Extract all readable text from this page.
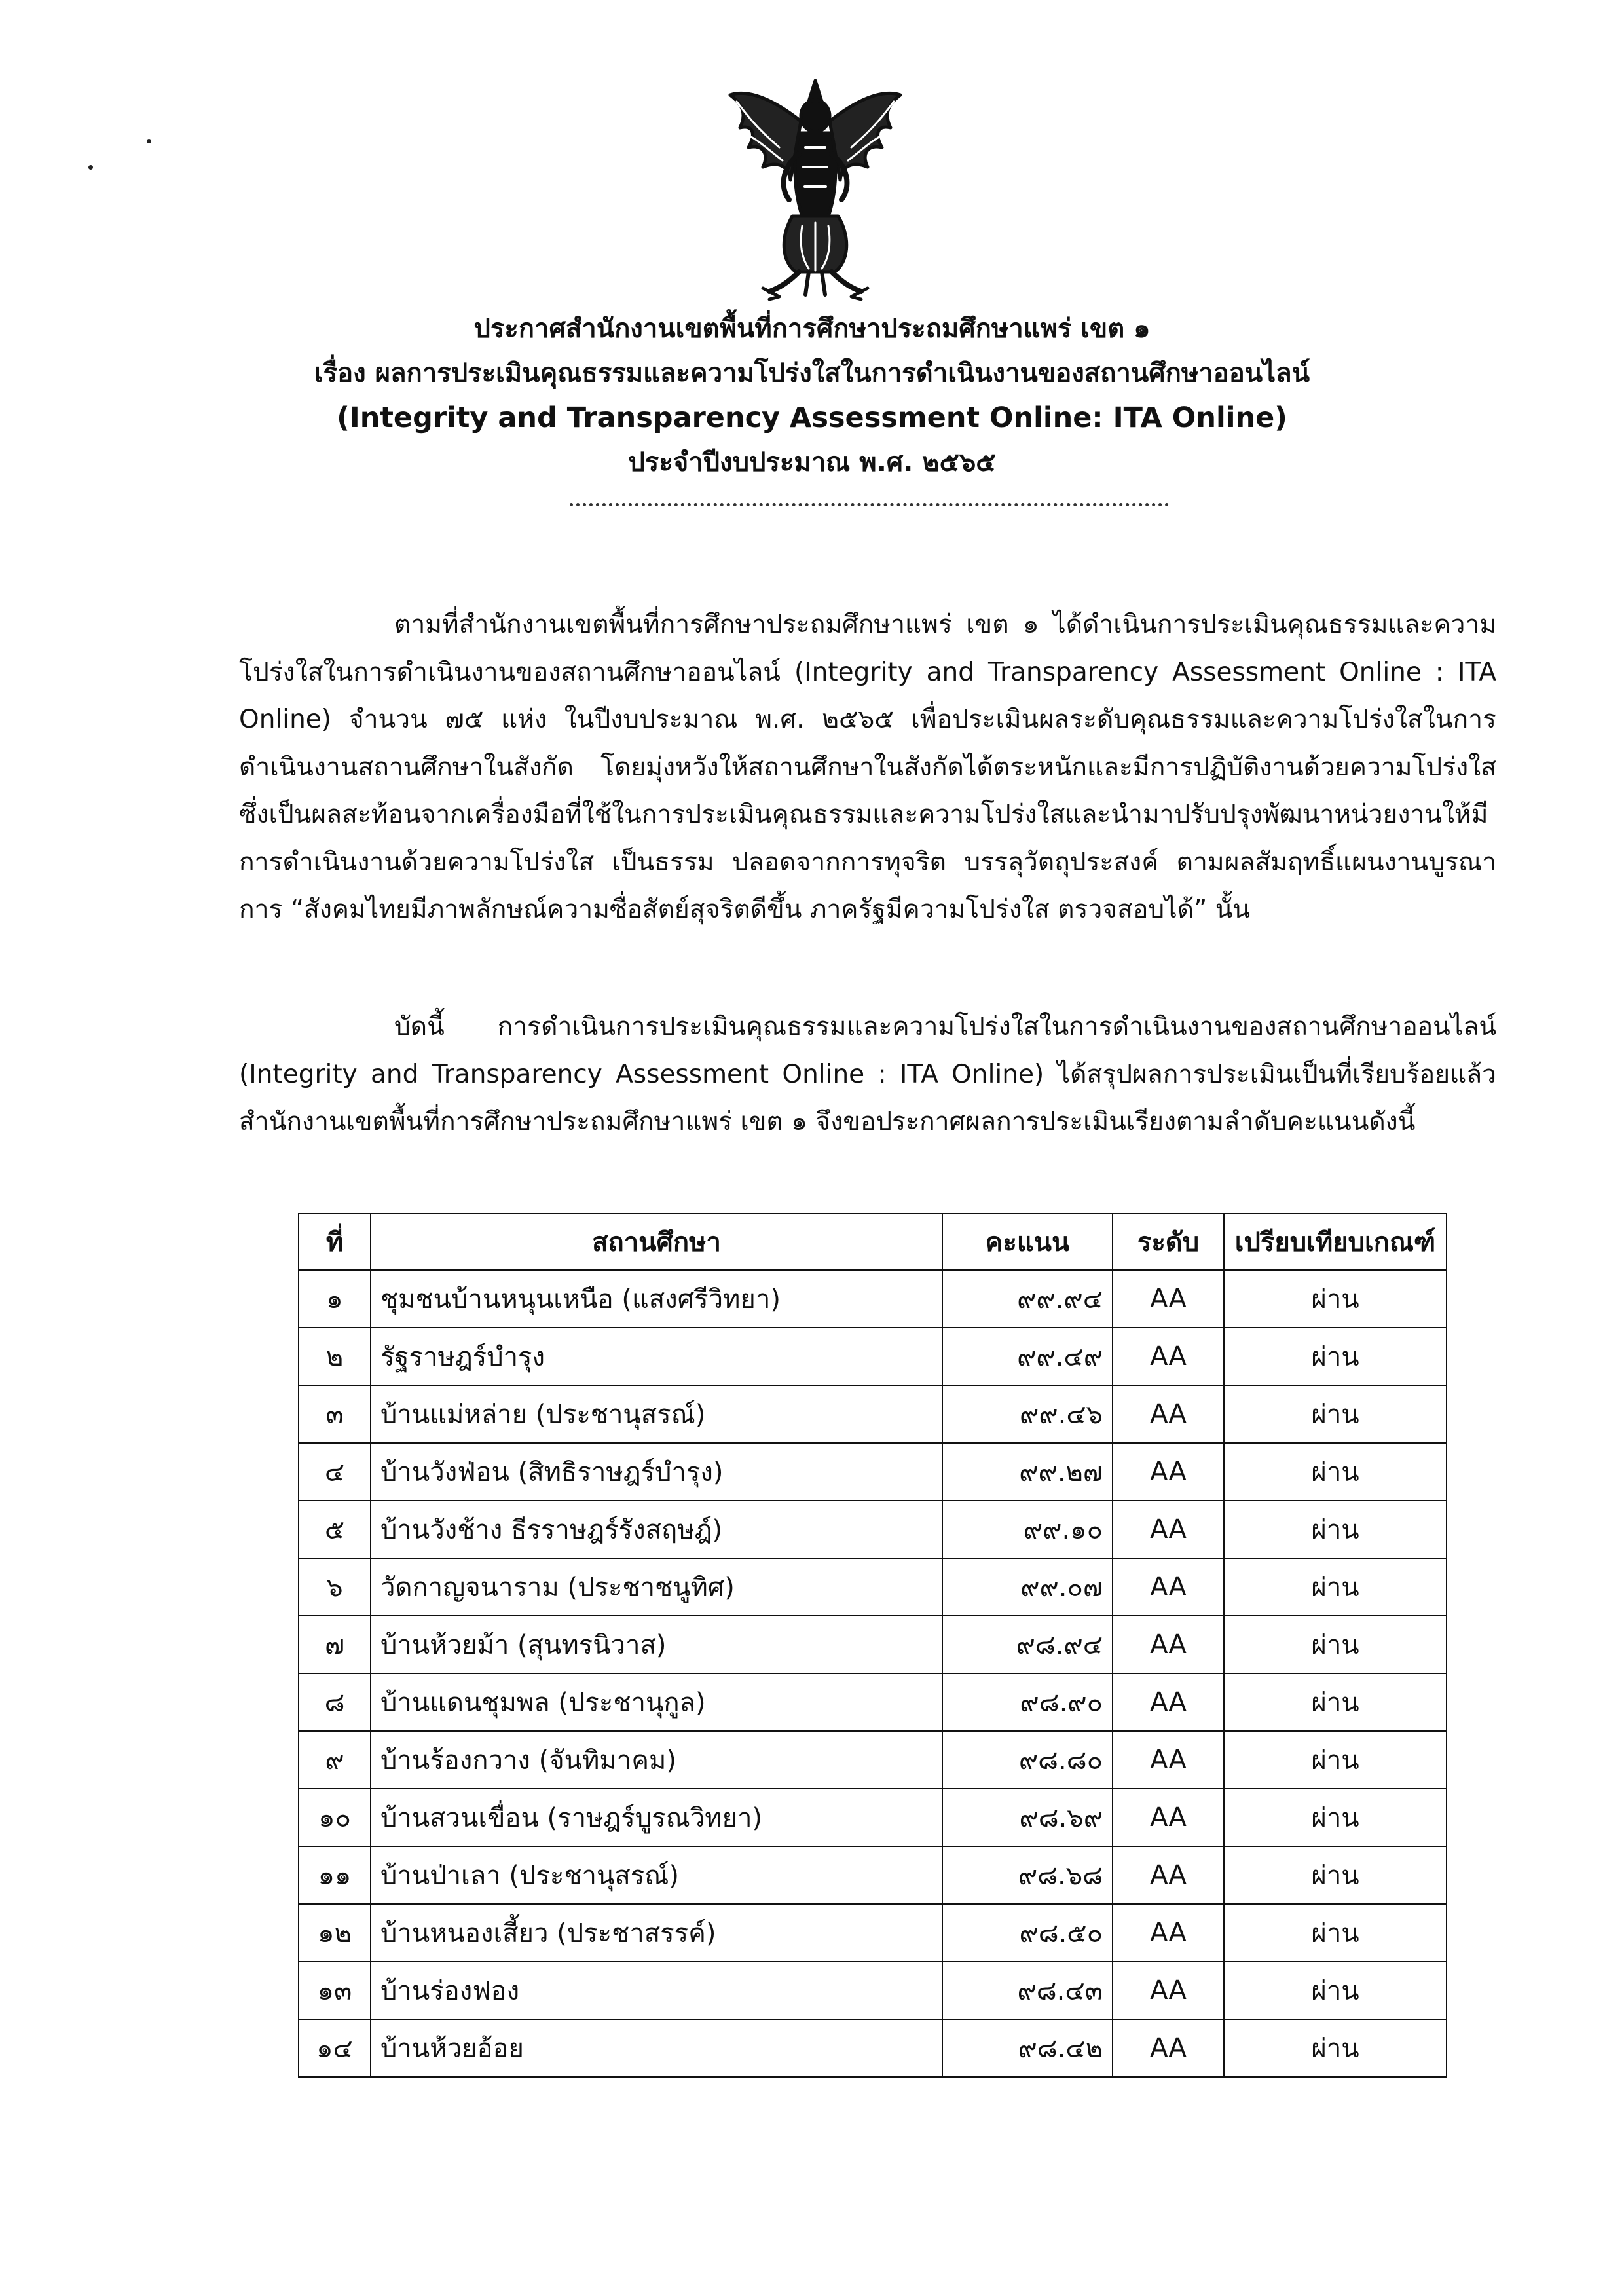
ประกาศสำนักงานเขตพื้นที่การศึกษาประถมศึกษาแพร่ เขต ๑
เรื่อง ผลการประเมินคุณธรรมและความโปร่งใสในการดำเนินงานของสถานศึกษาออนไลน์
(Integrity and Transparency Assessment Online: ITA Online)
ประจำปีงบประมาณ พ.ศ. ๒๕๖๕
ตามที่สำนักงานเขตพื้นที่การศึกษาประถมศึกษาแพร่ เขต ๑ ได้ดำเนินการประเมินคุณธรรมและความโปร่งใสในการดำเนินงานของสถานศึกษาออนไลน์ (Integrity and Transparency Assessment Online : ITA Online) จำนวน ๗๕ แห่ง ในปีงบประมาณ พ.ศ. ๒๕๖๕ เพื่อประเมินผลระดับคุณธรรมและความโปร่งใสในการดำเนินงานสถานศึกษาในสังกัด โดยมุ่งหวังให้สถานศึกษาในสังกัดได้ตระหนักและมีการปฏิบัติงานด้วยความโปร่งใส ซึ่งเป็นผลสะท้อนจากเครื่องมือที่ใช้ในการประเมินคุณธรรมและความโปร่งใสและนำมาปรับปรุงพัฒนาหน่วยงานให้มีการดำเนินงานด้วยความโปร่งใส เป็นธรรม ปลอดจากการทุจริต บรรลุวัตถุประสงค์ ตามผลสัมฤทธิ์แผนงานบูรณาการ “สังคมไทยมีภาพลักษณ์ความซื่อสัตย์สุจริตดีขึ้น ภาครัฐมีความโปร่งใส ตรวจสอบได้” นั้น
บัดนี้ การดำเนินการประเมินคุณธรรมและความโปร่งใสในการดำเนินงานของสถานศึกษาออนไลน์ (Integrity and Transparency Assessment Online : ITA Online) ได้สรุปผลการประเมินเป็นที่เรียบร้อยแล้ว สำนักงานเขตพื้นที่การศึกษาประถมศึกษาแพร่ เขต ๑ จึงขอประกาศผลการประเมินเรียงตามลำดับคะแนนดังนี้
ที่	สถานศึกษา	คะแนน	ระดับ	เปรียบเทียบเกณฑ์
๑	ชุมชนบ้านหนุนเหนือ (แสงศรีวิทยา)	๙๙.๙๔	AA	ผ่าน
๒	รัฐราษฎร์บำรุง	๙๙.๔๙	AA	ผ่าน
๓	บ้านแม่หล่าย (ประชานุสรณ์)	๙๙.๔๖	AA	ผ่าน
๔	บ้านวังฟ่อน (สิทธิราษฎร์บำรุง)	๙๙.๒๗	AA	ผ่าน
๕	บ้านวังช้าง ธีรราษฎร์รังสฤษฎ์)	๙๙.๑๐	AA	ผ่าน
๖	วัดกาญจนาราม (ประชาชนูทิศ)	๙๙.๐๗	AA	ผ่าน
๗	บ้านห้วยม้า (สุนทรนิวาส)	๙๘.๙๔	AA	ผ่าน
๘	บ้านแดนชุมพล (ประชานุกูล)	๙๘.๙๐	AA	ผ่าน
๙	บ้านร้องกวาง (จันทิมาคม)	๙๘.๘๐	AA	ผ่าน
๑๐	บ้านสวนเขื่อน (ราษฎร์บูรณวิทยา)	๙๘.๖๙	AA	ผ่าน
๑๑	บ้านป่าเลา (ประชานุสรณ์)	๙๘.๖๘	AA	ผ่าน
๑๒	บ้านหนองเสี้ยว (ประชาสรรค์)	๙๘.๕๐	AA	ผ่าน
๑๓	บ้านร่องฟอง	๙๘.๔๓	AA	ผ่าน
๑๔	บ้านห้วยอ้อย	๙๘.๔๒	AA	ผ่าน
